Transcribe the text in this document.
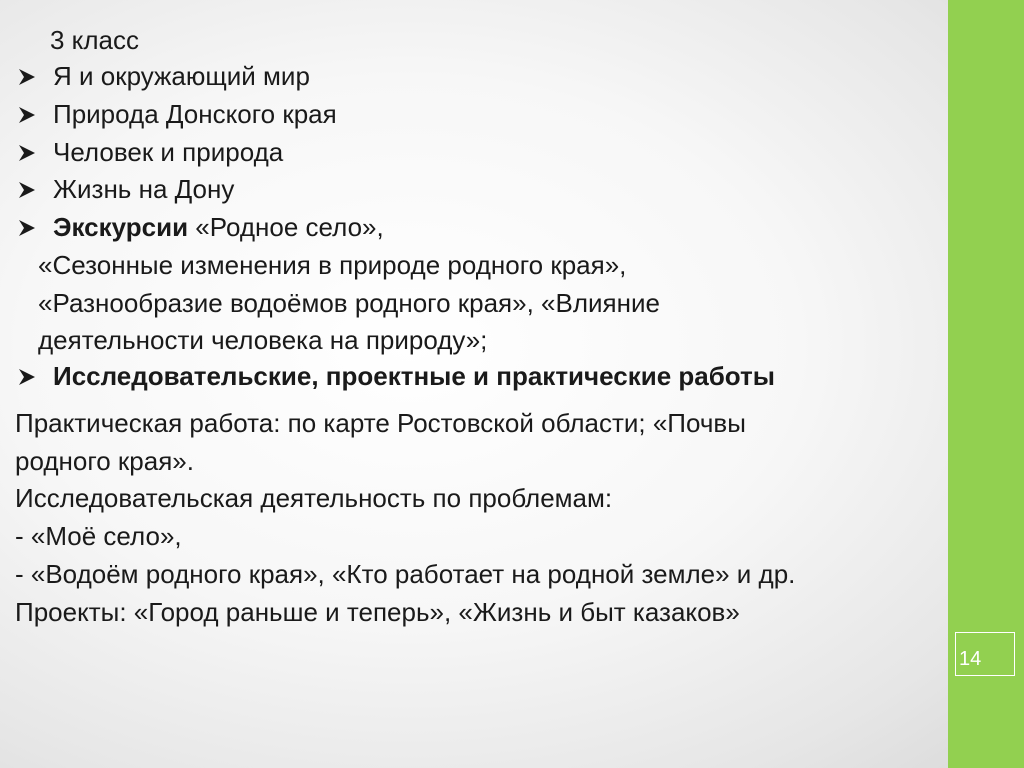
14
3 класс
Я и окружающий мир
Природа Донского края
Человек и природа
Жизнь на Дону
Экскурсии «Родное село»,
«Сезонные изменения в природе родного края»,
«Разнообразие водоёмов родного края», «Влияние
деятельности человека на природу»;
Исследовательские, проектные и практические работы
Практическая работа: по карте Ростовской области; «Почвы
родного края».
Исследовательская деятельность по проблемам:
- «Моё село»,
- «Водоём родного края», «Кто работает на родной земле» и др.
Проекты: «Город раньше и теперь», «Жизнь и быт казаков»
